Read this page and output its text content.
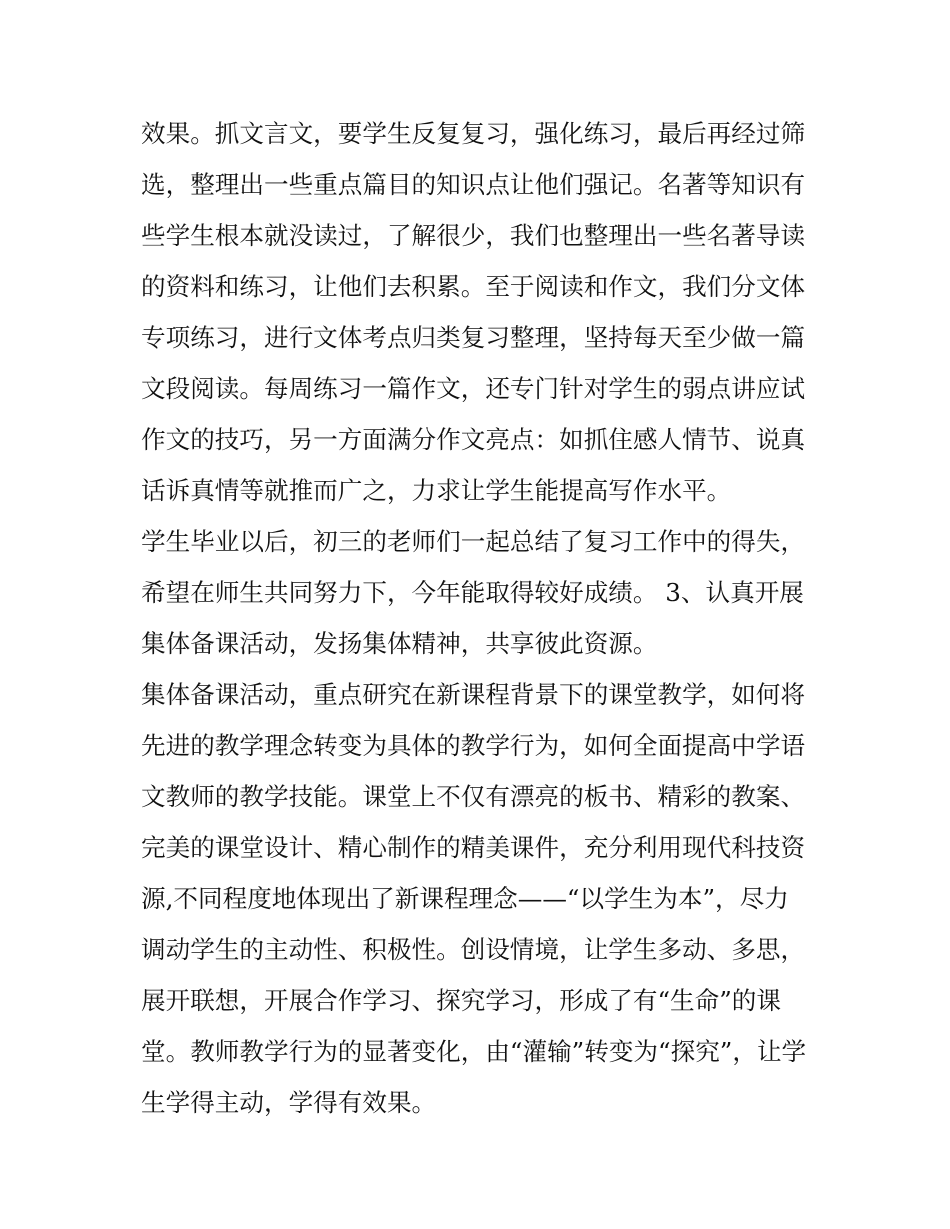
效果。抓文言文，要学生反复复习，强化练习，最后再经过筛
选，整理出一些重点篇目的知识点让他们强记。名著等知识有
些学生根本就没读过，了解很少，我们也整理出一些名著导读
的资料和练习，让他们去积累。至于阅读和作文，我们分文体
专项练习，进行文体考点归类复习整理，坚持每天至少做一篇
文段阅读。每周练习一篇作文，还专门针对学生的弱点讲应试
作文的技巧，另一方面满分作文亮点：如抓住感人情节、说真
话诉真情等就推而广之，力求让学生能提高写作水平。
学生毕业以后，初三的老师们一起总结了复习工作中的得失，
希望在师生共同努力下，今年能取得较好成绩。 3、认真开展
集体备课活动，发扬集体精神，共享彼此资源。
集体备课活动，重点研究在新课程背景下的课堂教学，如何将
先进的教学理念转变为具体的教学行为，如何全面提高中学语
文教师的教学技能。课堂上不仅有漂亮的板书、精彩的教案、
完美的课堂设计、精心制作的精美课件，充分利用现代科技资
源,不同程度地体现出了新课程理念——“以学生为本”，尽力
调动学生的主动性、积极性。创设情境，让学生多动、多思，
展开联想，开展合作学习、探究学习，形成了有“生命”的课
堂。教师教学行为的显著变化，由“灌输”转变为“探究”，让学
生学得主动，学得有效果。
